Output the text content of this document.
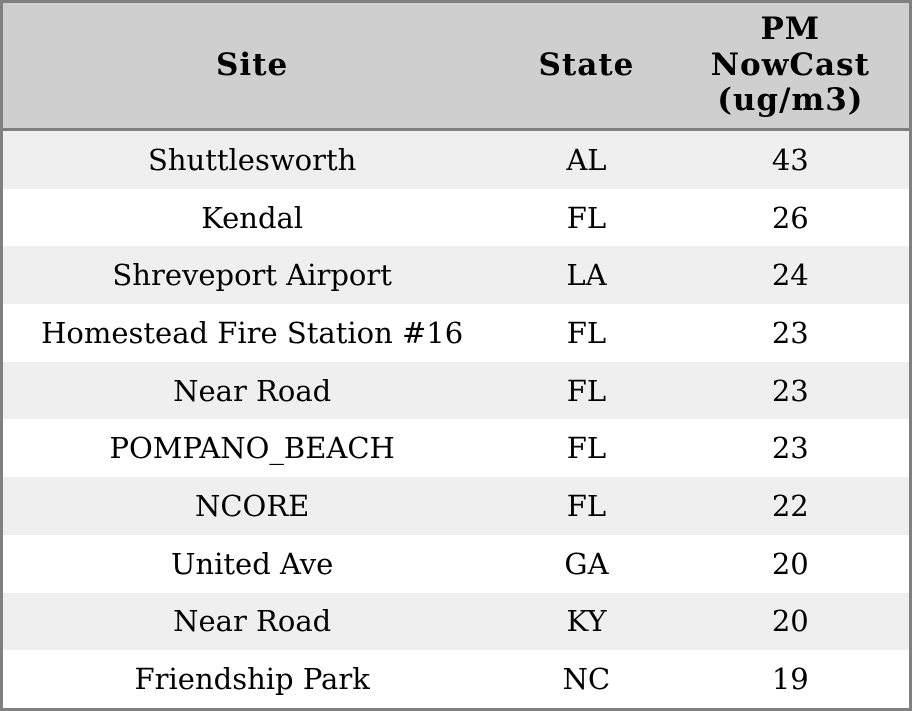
Site	State	PM NowCast (ug/m3)
Shuttlesworth	AL	43
Kendal	FL	26
Shreveport Airport	LA	24
Homestead Fire Station #16	FL	23
Near Road	FL	23
POMPANO_BEACH	FL	23
NCORE	FL	22
United Ave	GA	20
Near Road	KY	20
Friendship Park	NC	19
